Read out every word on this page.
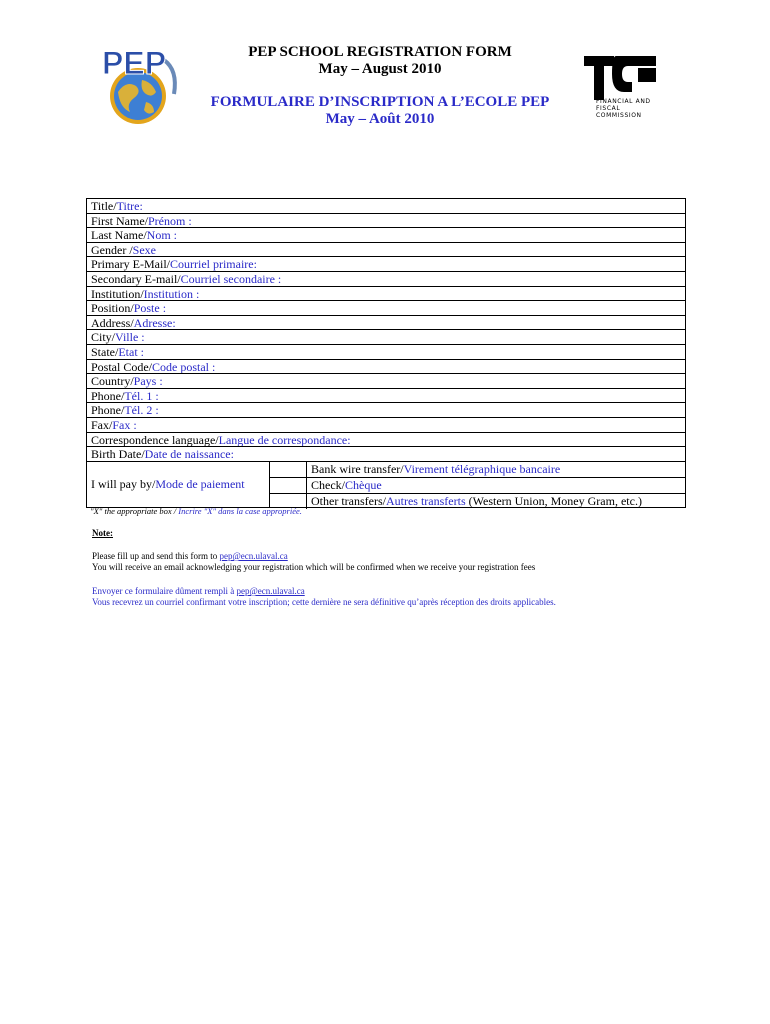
PEP
FINANCIAL AND FISCAL COMMISSION
PEP SCHOOL REGISTRATION FORM
May – August 2010
FORMULAIRE D’INSCRIPTION A L’ECOLE PEP
May – Août 2010
Title/Titre:
First Name/Prénom :
Last Name/Nom :
Gender /Sexe
Primary E-Mail/Courriel primaire:
Secondary E-mail/Courriel secondaire :
Institution/Institution :
Position/Poste :
Address/Adresse:
City/Ville :
State/Etat :
Postal Code/Code postal :
Country/Pays :
Phone/Tél. 1 :
Phone/Tél. 2 :
Fax/Fax :
Correspondence language/Langue de correspondance:
Birth Date/Date de naissance:
I will pay by/ Mode de paiement
Bank wire transfer/Virement télégraphique bancaire
Check/Chèque
Other transfers/Autres transferts (Western Union, Money Gram, etc.)
"X" the appropriate box / Incrire "X" dans la case appropriée.
Note:
Please fill up and send this form to pep@ecn.ulaval.ca
You will receive an email acknowledging your registration which will be confirmed when we receive your registration fees
Envoyer ce formulaire dûment rempli à pep@ecn.ulaval.ca
Vous recevrez un courriel confirmant votre inscription; cette dernière ne sera définitive qu’après réception des droits applicables.
